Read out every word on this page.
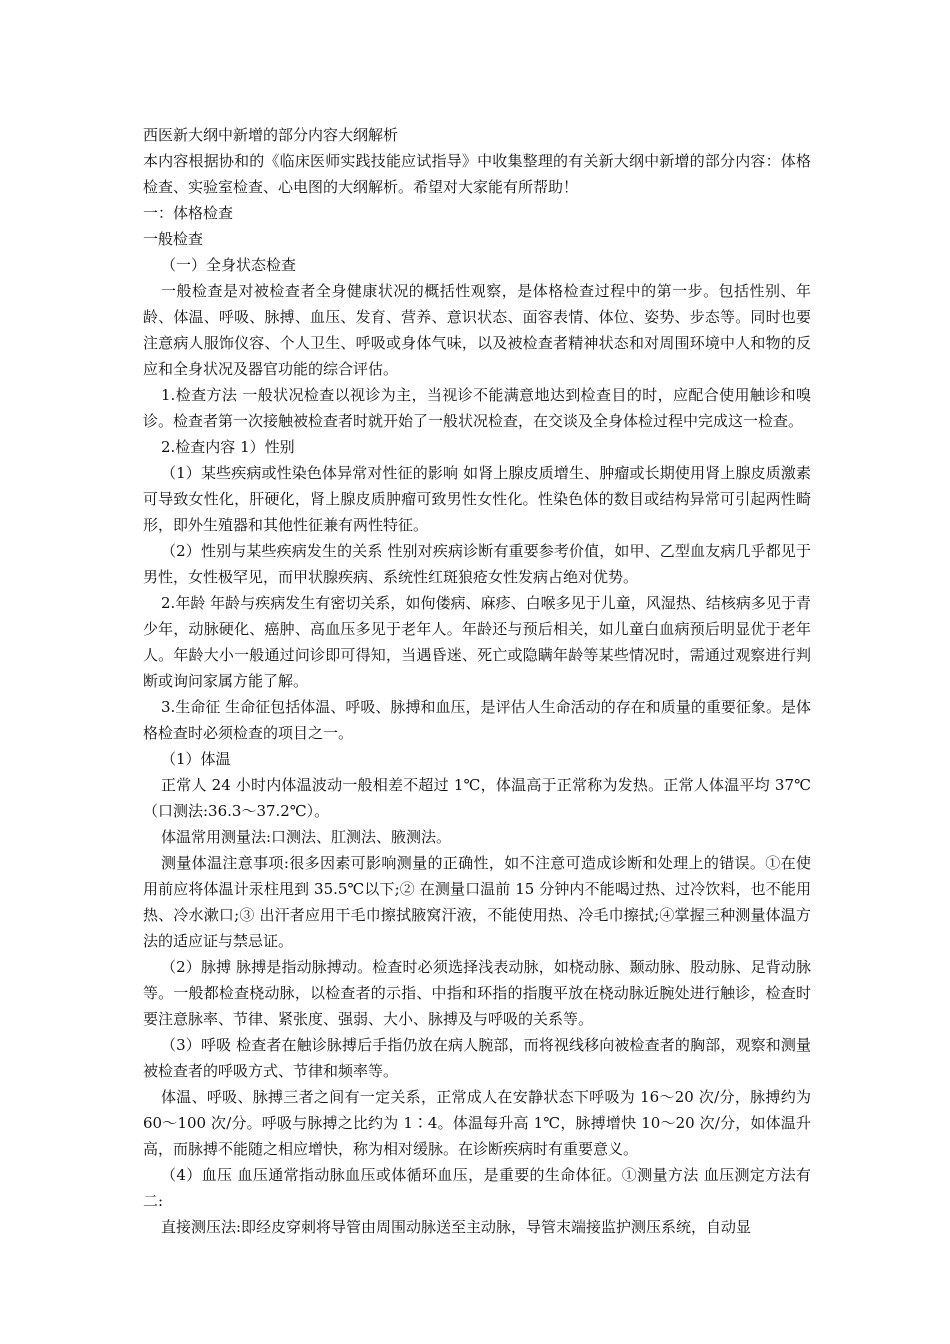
西医新大纲中新增的部分内容大纲解析

本内容根据协和的《临床医师实践技能应试指导》中收集整理的有关新大纲中新增的部分内容：体格检查、实验室检查、心电图的大纲解析。希望对大家能有所帮助！

一：体格检查

一般检查

（一）全身状态检查

一般检查是对被检查者全身健康状况的概括性观察，是体格检查过程中的第一步。包括性别、年龄、体温、呼吸、脉搏、血压、发育、营养、意识状态、面容表情、体位、姿势、步态等。同时也要注意病人服饰仪容、个人卫生、呼吸或身体气味，以及被检查者精神状态和对周围环境中人和物的反应和全身状况及器官功能的综合评估。

1.检查方法 一般状况检查以视诊为主，当视诊不能满意地达到检查目的时，应配合使用触诊和嗅诊。检查者第一次接触被检查者时就开始了一般状况检查，在交谈及全身体检过程中完成这一检查。

2.检查内容 1）性别

（1）某些疾病或性染色体异常对性征的影响 如肾上腺皮质增生、肿瘤或长期使用肾上腺皮质激素可导致女性化，肝硬化，肾上腺皮质肿瘤可致男性女性化。性染色体的数目或结构异常可引起两性畸形，即外生殖器和其他性征兼有两性特征。

（2）性别与某些疾病发生的关系 性别对疾病诊断有重要参考价值，如甲、乙型血友病几乎都见于男性，女性极罕见，而甲状腺疾病、系统性红斑狼疮女性发病占绝对优势。

2.年龄 年龄与疾病发生有密切关系，如佝偻病、麻疹、白喉多见于儿童，风湿热、结核病多见于青少年，动脉硬化、癌肿、高血压多见于老年人。年龄还与预后相关，如儿童白血病预后明显优于老年人。年龄大小一般通过问诊即可得知，当遇昏迷、死亡或隐瞒年龄等某些情况时，需通过观察进行判断或询问家属方能了解。

3.生命征 生命征包括体温、呼吸、脉搏和血压，是评估人生命活动的存在和质量的重要征象。是体格检查时必须检查的项目之一。

（1）体温

正常人 24 小时内体温波动一般相差不超过 1℃，体温高于正常称为发热。正常人体温平均 37℃（口测法:36.3～37.2℃）。

体温常用测量法:口测法、肛测法、腋测法。

测量体温注意事项:很多因素可影响测量的正确性，如不注意可造成诊断和处理上的错误。①在使用前应将体温计汞柱甩到 35.5℃以下;② 在测量口温前 15 分钟内不能喝过热、过冷饮料，也不能用热、冷水漱口;③ 出汗者应用干毛巾擦拭腋窝汗液，不能使用热、冷毛巾擦拭;④掌握三种测量体温方法的适应证与禁忌证。

（2）脉搏 脉搏是指动脉搏动。检查时必须选择浅表动脉，如桡动脉、颞动脉、股动脉、足背动脉等。一般都检查桡动脉，以检查者的示指、中指和环指的指腹平放在桡动脉近腕处进行触诊，检查时要注意脉率、节律、紧张度、强弱、大小、脉搏及与呼吸的关系等。

（3）呼吸 检查者在触诊脉搏后手指仍放在病人腕部，而将视线移向被检查者的胸部，观察和测量被检查者的呼吸方式、节律和频率等。

体温、呼吸、脉搏三者之间有一定关系，正常成人在安静状态下呼吸为 16～20 次/分，脉搏约为 60～100 次/分。呼吸与脉搏之比约为 1∶4。体温每升高 1℃，脉搏增快 10～20 次/分，如体温升高，而脉搏不能随之相应增快，称为相对缓脉。在诊断疾病时有重要意义。

（4）血压 血压通常指动脉血压或体循环血压，是重要的生命体征。①测量方法 血压测定方法有二:

直接测压法:即经皮穿刺将导管由周围动脉送至主动脉，导管末端接监护测压系统，自动显
